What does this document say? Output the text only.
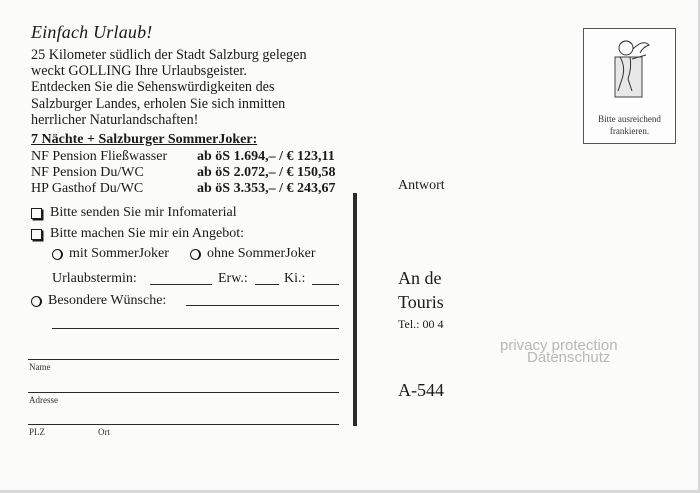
Einfach Urlaub!
25 Kilometer südlich der Stadt Salzburg gelegen
weckt GOLLING Ihre Urlaubsgeister.
Entdecken Sie die Sehenswürdigkeiten des
Salzburger Landes, erholen Sie sich inmitten
herrlicher Naturlandschaften!
7 Nächte + Salzburger SommerJoker:
NF Pension Fließwasser ab öS 1.694,– / € 123,11
NF Pension Du/WC	ab öS 2.072,– / € 150,58
HP Gasthof Du/WC	ab öS 3.353,– / € 243,67
Bitte senden Sie mir Infomaterial
Bitte machen Sie mir ein Angebot:
mit SommerJoker	ohne SommerJoker
Urlaubstermin:	Erw.:	Ki.:
Besondere Wünsche:
Name
Adresse
PLZ	Ort
Bitte ausreichend
frankieren.
Antwort
An de
Touris
Tel.: 00 4
A-544
privacy protection
Datenschutz
